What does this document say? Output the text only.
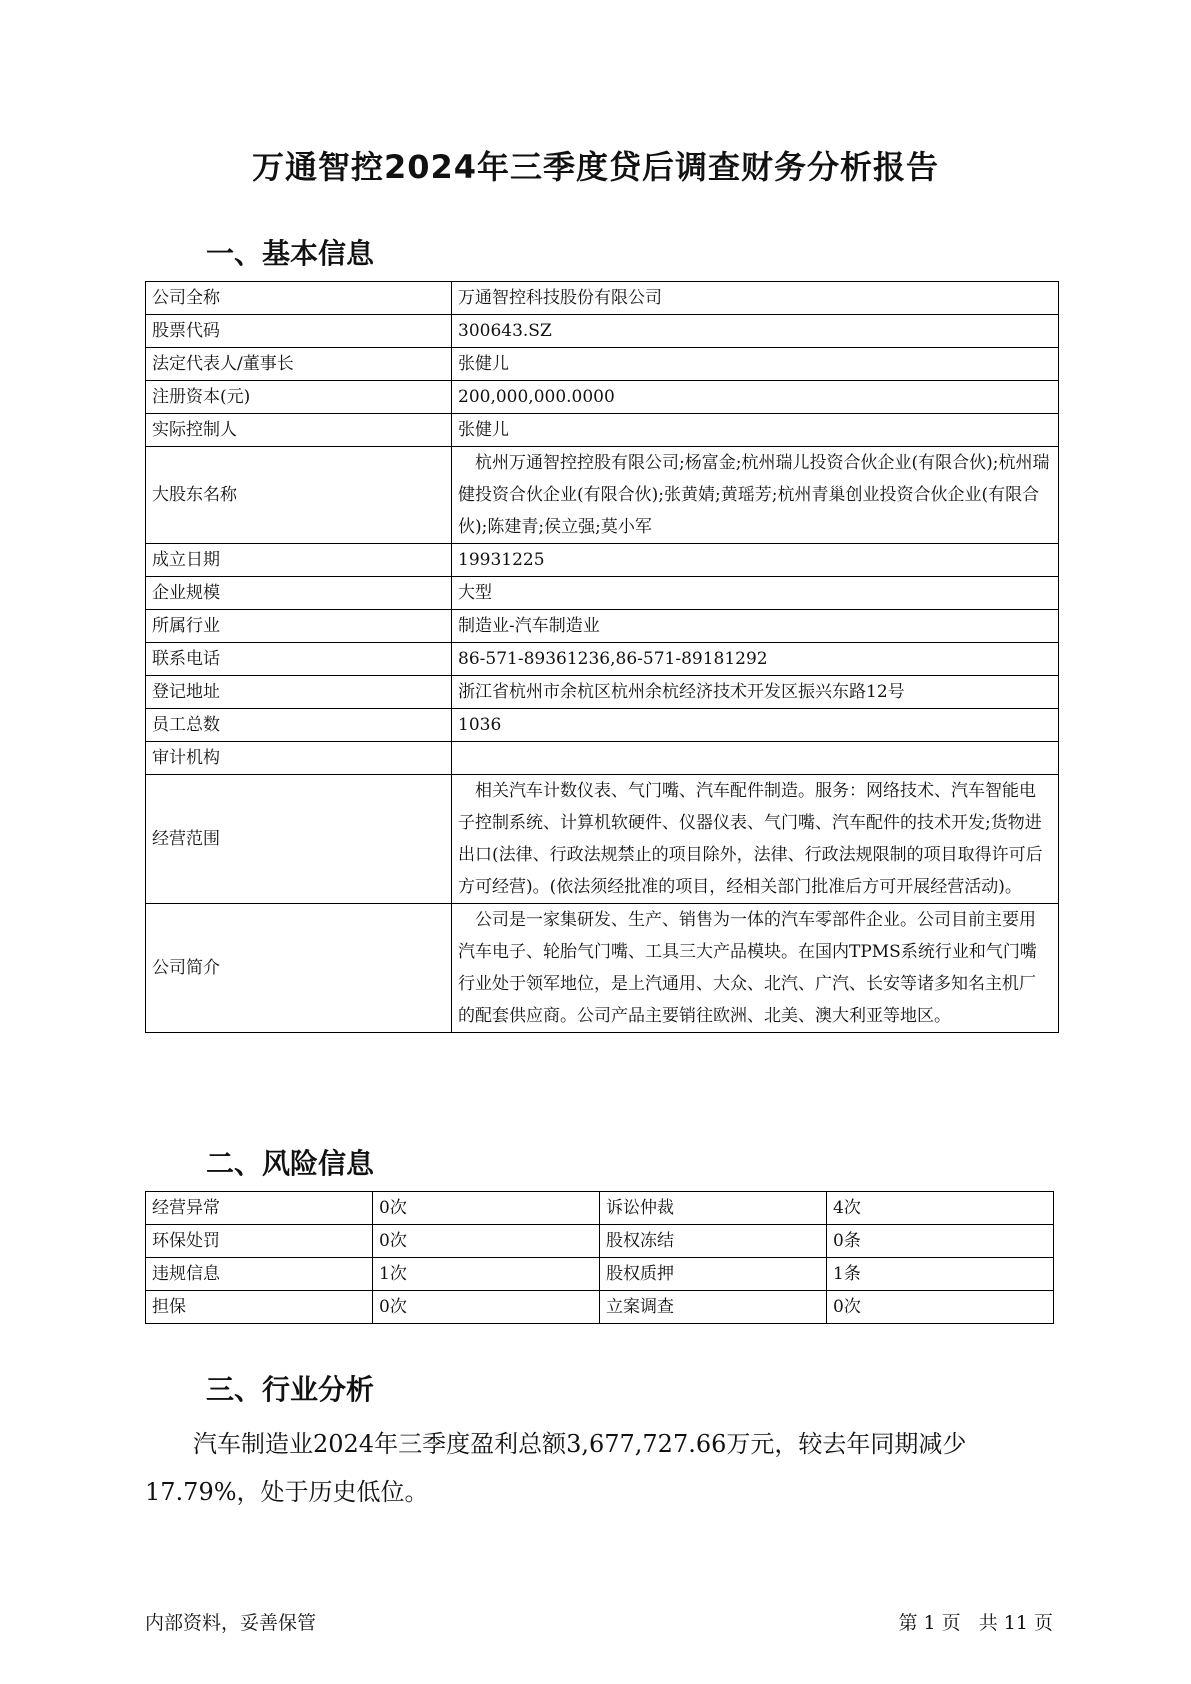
万通智控2024年三季度贷后调查财务分析报告
一、基本信息
公司全称	万通智控科技股份有限公司
股票代码	300643.SZ
法定代表人/董事长	张健儿
注册资本(元)	200,000,000.0000
实际控制人	张健儿
大股东名称	杭州万通智控控股有限公司;杨富金;杭州瑞儿投资合伙企业(有限合伙);杭州瑞健投资合伙企业(有限合伙);张黄婧;黄瑶芳;杭州青巢创业投资合伙企业(有限合伙);陈建青;侯立强;莫小军
成立日期	19931225
企业规模	大型
所属行业	制造业-汽车制造业
联系电话	86-571-89361236,86-571-89181292
登记地址	浙江省杭州市余杭区杭州余杭经济技术开发区振兴东路12号
员工总数	1036
审计机构	
经营范围	相关汽车计数仪表、气门嘴、汽车配件制造。服务：网络技术、汽车智能电子控制系统、计算机软硬件、仪器仪表、气门嘴、汽车配件的技术开发;货物进出口(法律、行政法规禁止的项目除外，法律、行政法规限制的项目取得许可后方可经营)。(依法须经批准的项目，经相关部门批准后方可开展经营活动)。
公司简介	公司是一家集研发、生产、销售为一体的汽车零部件企业。公司目前主要用汽车电子、轮胎气门嘴、工具三大产品模块。在国内TPMS系统行业和气门嘴行业处于领军地位，是上汽通用、大众、北汽、广汽、长安等诸多知名主机厂的配套供应商。公司产品主要销往欧洲、北美、澳大利亚等地区。
二、风险信息
经营异常	0次	诉讼仲裁	4次
环保处罚	0次	股权冻结	0条
违规信息	1次	股权质押	1条
担保	0次	立案调查	0次
三、行业分析

汽车制造业2024年三季度盈利总额3,677,727.66万元，较去年同期减少17.79%，处于历史低位。

内部资料，妥善保管	第 1 页   共 11 页
